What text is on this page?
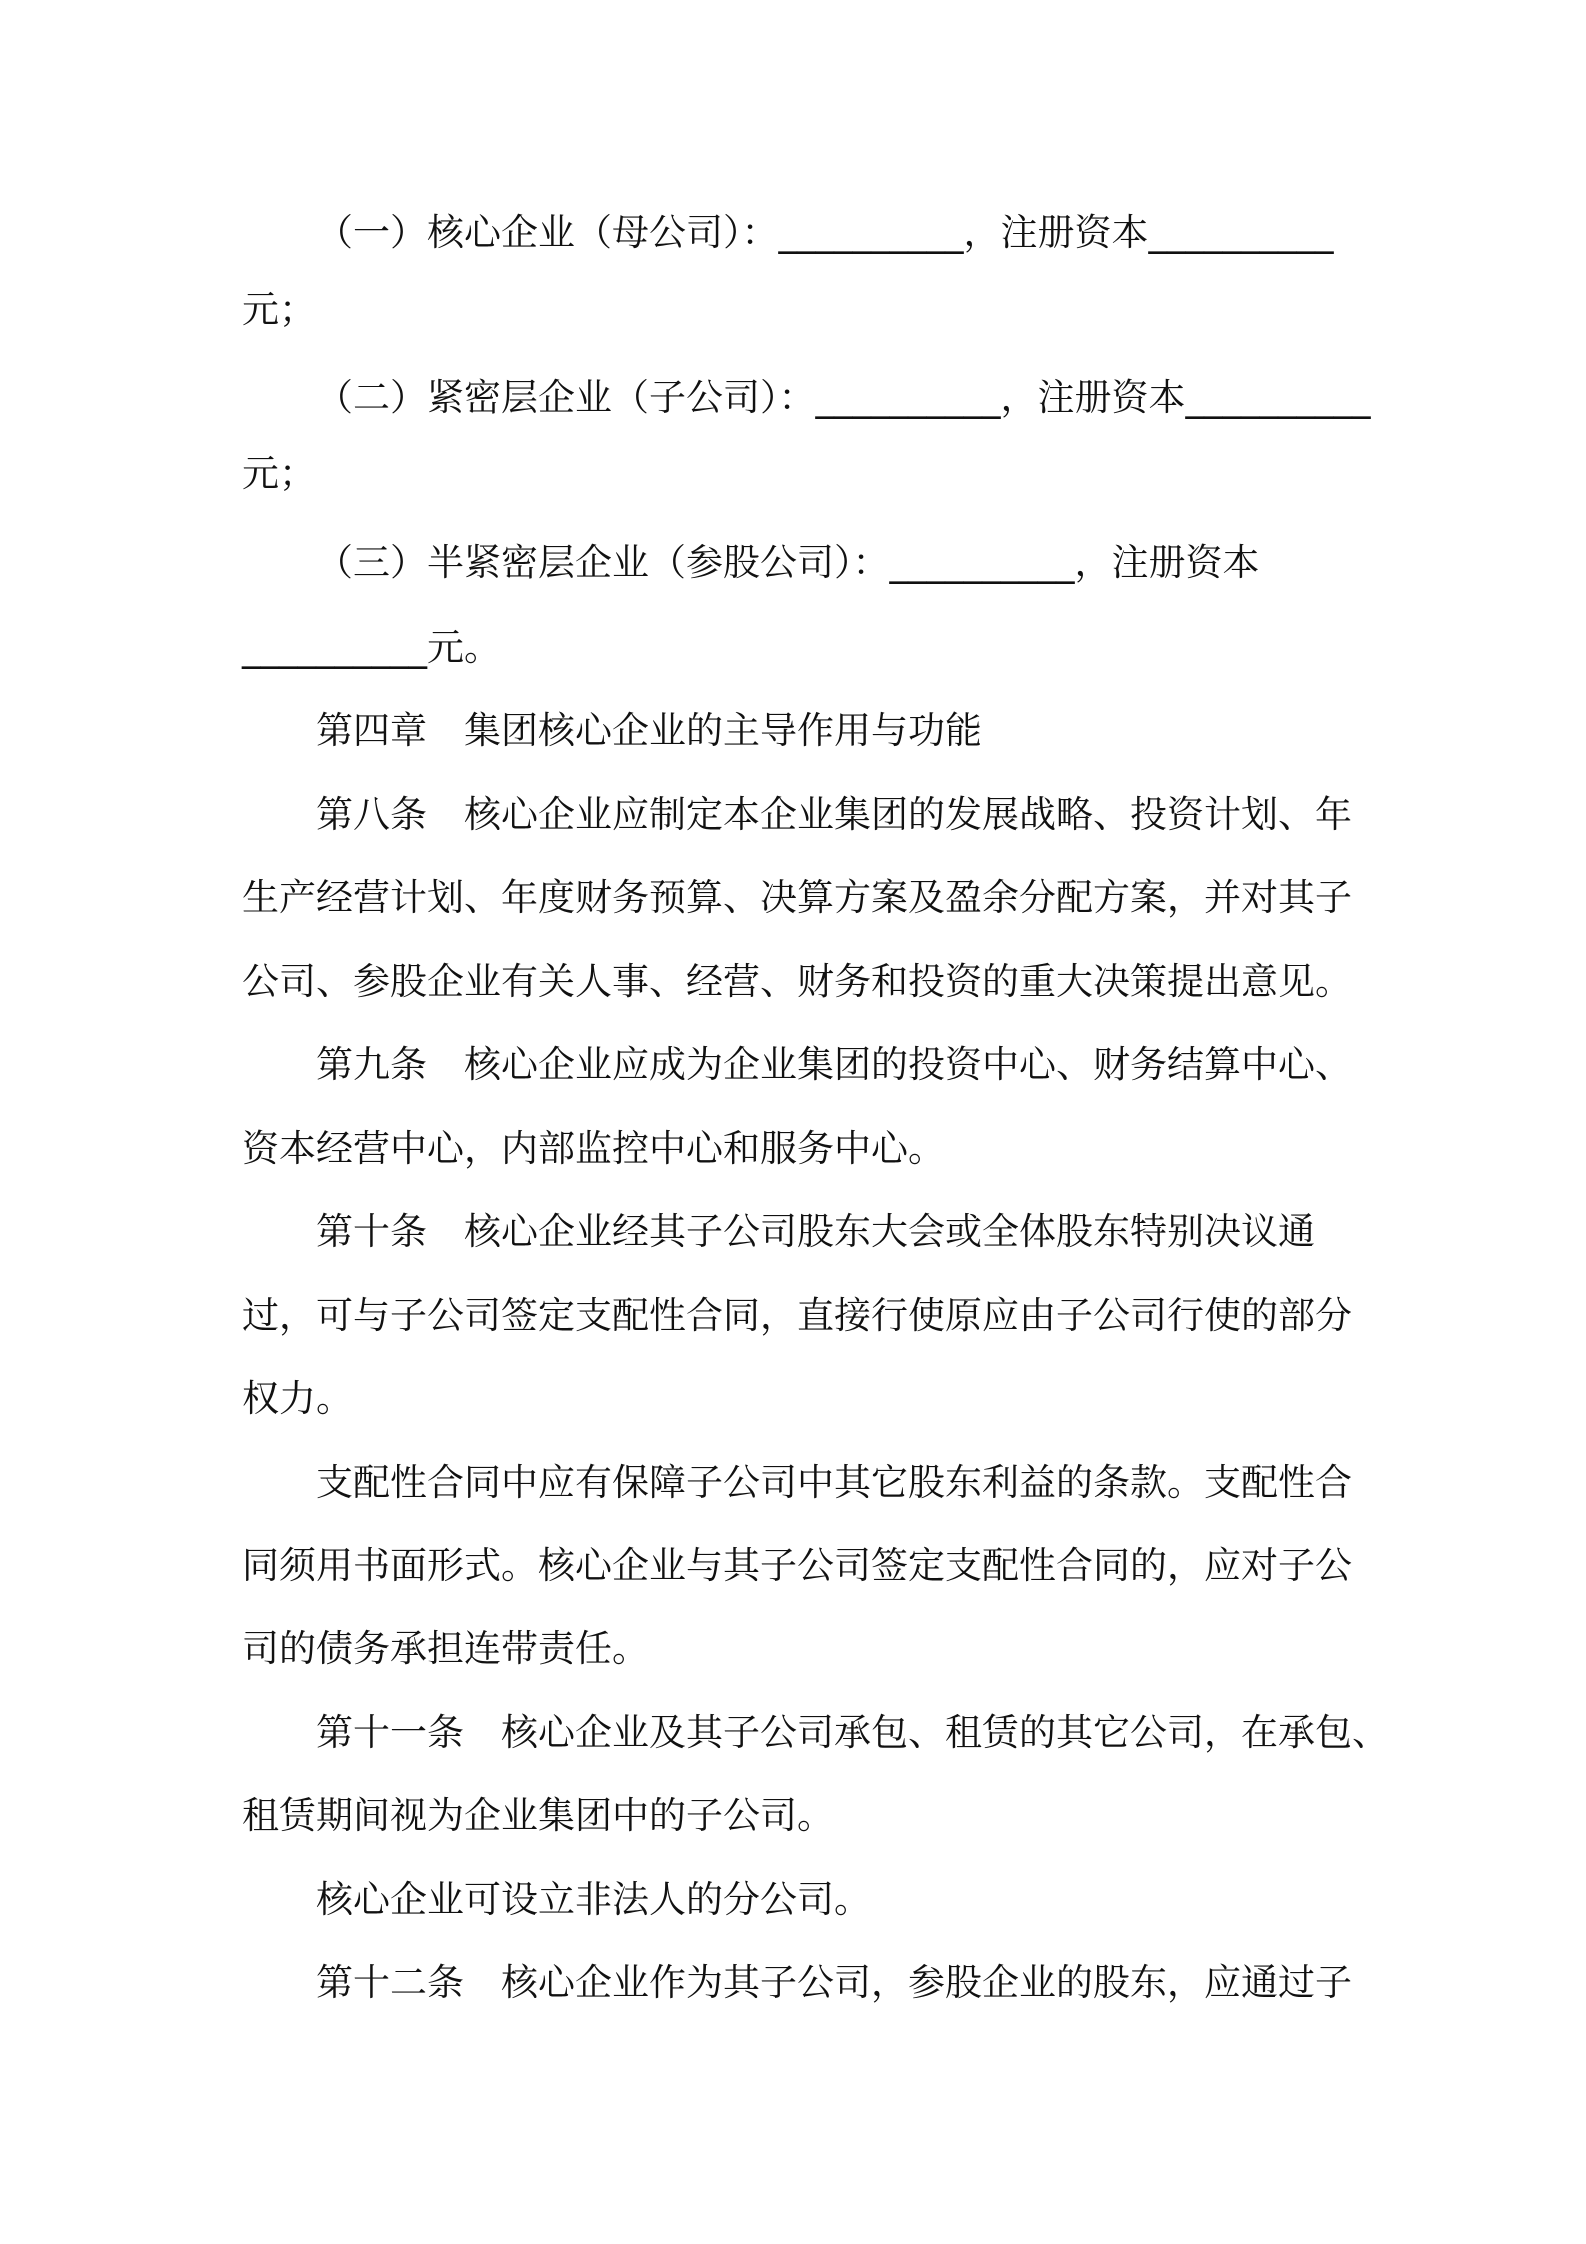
（一）核心企业（母公司）：__________，注册资本__________
元；
（二）紧密层企业（子公司）：__________，注册资本__________
元；
（三）半紧密层企业（参股公司）：__________，注册资本
__________元。
第四章　集团核心企业的主导作用与功能
第八条　核心企业应制定本企业集团的发展战略、投资计划、年
生产经营计划、年度财务预算、决算方案及盈余分配方案，并对其子
公司、参股企业有关人事、经营、财务和投资的重大决策提出意见。
第九条　核心企业应成为企业集团的投资中心、财务结算中心、
资本经营中心，内部监控中心和服务中心。
第十条　核心企业经其子公司股东大会或全体股东特别决议通
过，可与子公司签定支配性合同，直接行使原应由子公司行使的部分
权力。
支配性合同中应有保障子公司中其它股东利益的条款。支配性合
同须用书面形式。核心企业与其子公司签定支配性合同的，应对子公
司的债务承担连带责任。
第十一条　核心企业及其子公司承包、租赁的其它公司，在承包、
租赁期间视为企业集团中的子公司。
核心企业可设立非法人的分公司。
第十二条　核心企业作为其子公司，参股企业的股东，应通过子
